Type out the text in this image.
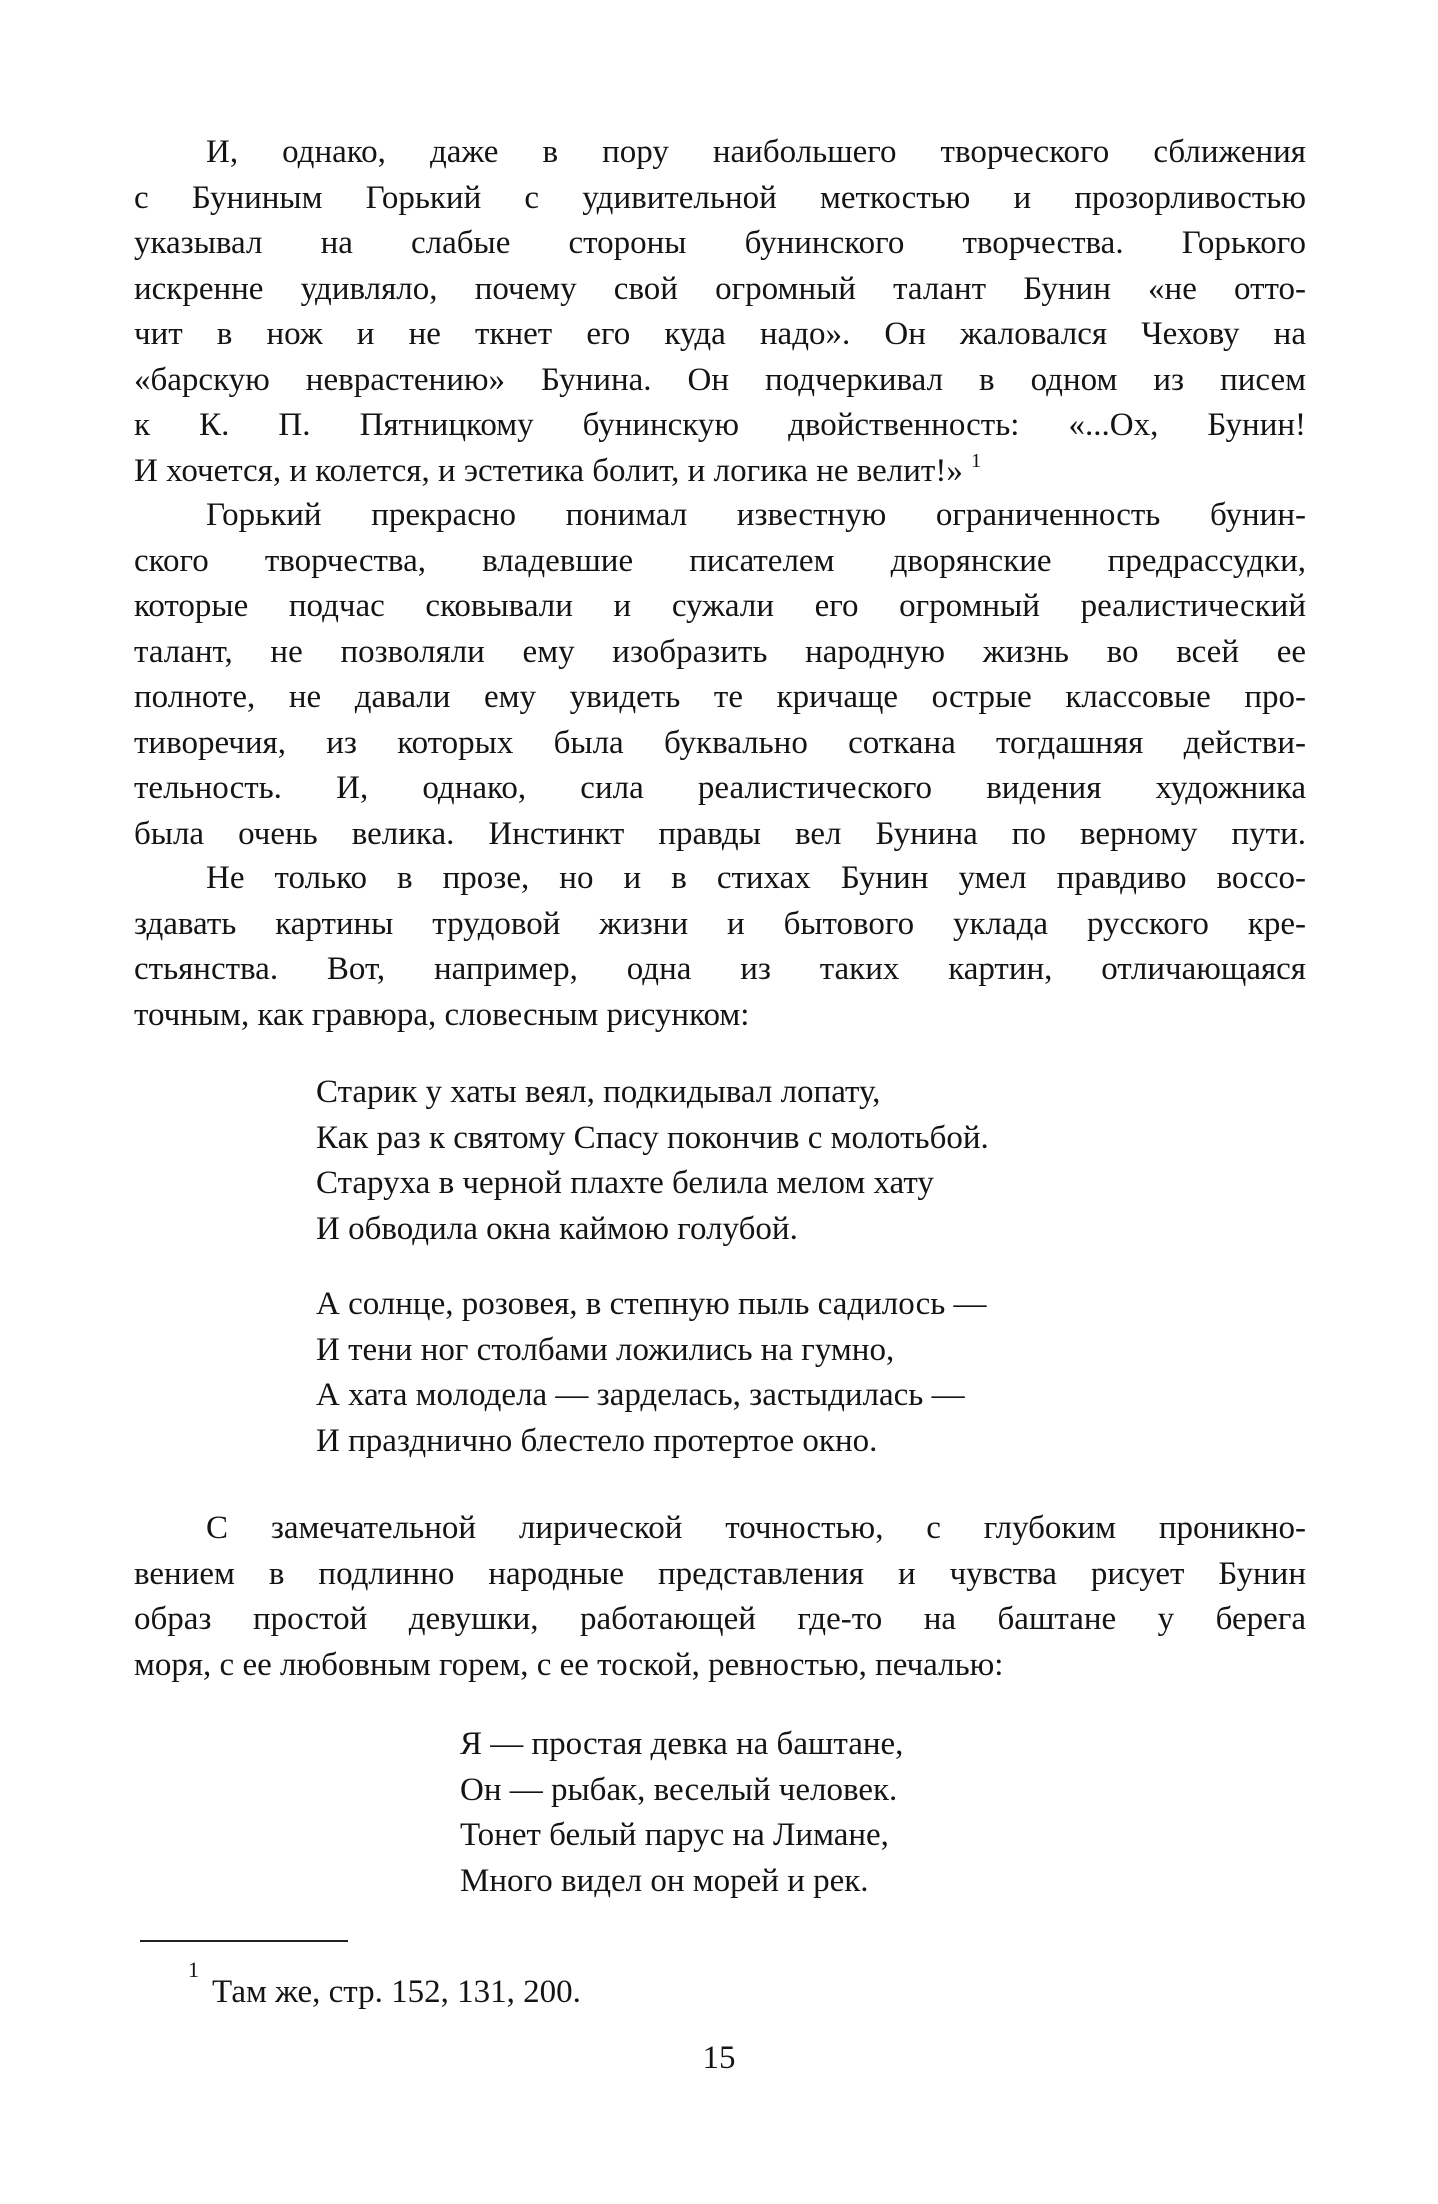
И, однако, даже в пору наибольшего творческого сближения
с Буниным Горький с удивительной меткостью и прозорливостью
указывал на слабые стороны бунинского творчества. Горького
искренне удивляло, почему свой огромный талант Бунин «не отто-
чит в нож и не ткнет его куда надо». Он жаловался Чехову на
«барскую неврастению» Бунина. Он подчеркивал в одном из писем
к К. П. Пятницкому бунинскую двойственность: «...Ох, Бунин!
И хочется, и колется, и эстетика болит, и логика не велит!» $^1$
Горький прекрасно понимал известную ограниченность бунин-
ского творчества, владевшие писателем дворянские предрассудки,
которые подчас сковывали и сужали его огромный реалистический
талант, не позволяли ему изобразить народную жизнь во всей ее
полноте, не давали ему увидеть те кричаще острые классовые про-
тиворечия, из которых была буквально соткана тогдашняя действи-
тельность. И, однако, сила реалистического видения художника
была очень велика. Инстинкт правды вел Бунина по верному пути.
Не только в прозе, но и в стихах Бунин умел правдиво воссо-
здавать картины трудовой жизни и бытового уклада русского кре-
стьянства. Вот, например, одна из таких картин, отличающаяся
точным, как гравюра, словесным рисунком:
Старик у хаты веял, подкидывал лопату,
Как раз к святому Спасу покончив с молотьбой.
Старуха в черной плахте белила мелом хату
И обводила окна каймою голубой.
А солнце, розовея, в степную пыль садилось —
И тени ног столбами ложились на гумно,
А хата молодела — зарделась, застыдилась —
И празднично блестело протертое окно.
С замечательной лирической точностью, с глубоким проникно-
вением в подлинно народные представления и чувства рисует Бунин
образ простой девушки, работающей где-то на баштане у берега
моря, с ее любовным горем, с ее тоской, ревностью, печалью:
Я — простая девка на баштане,
Он — рыбак, веселый человек.
Тонет белый парус на Лимане,
Много видел он морей и рек.
1
Там же, стр. 152, 131, 200.
15
